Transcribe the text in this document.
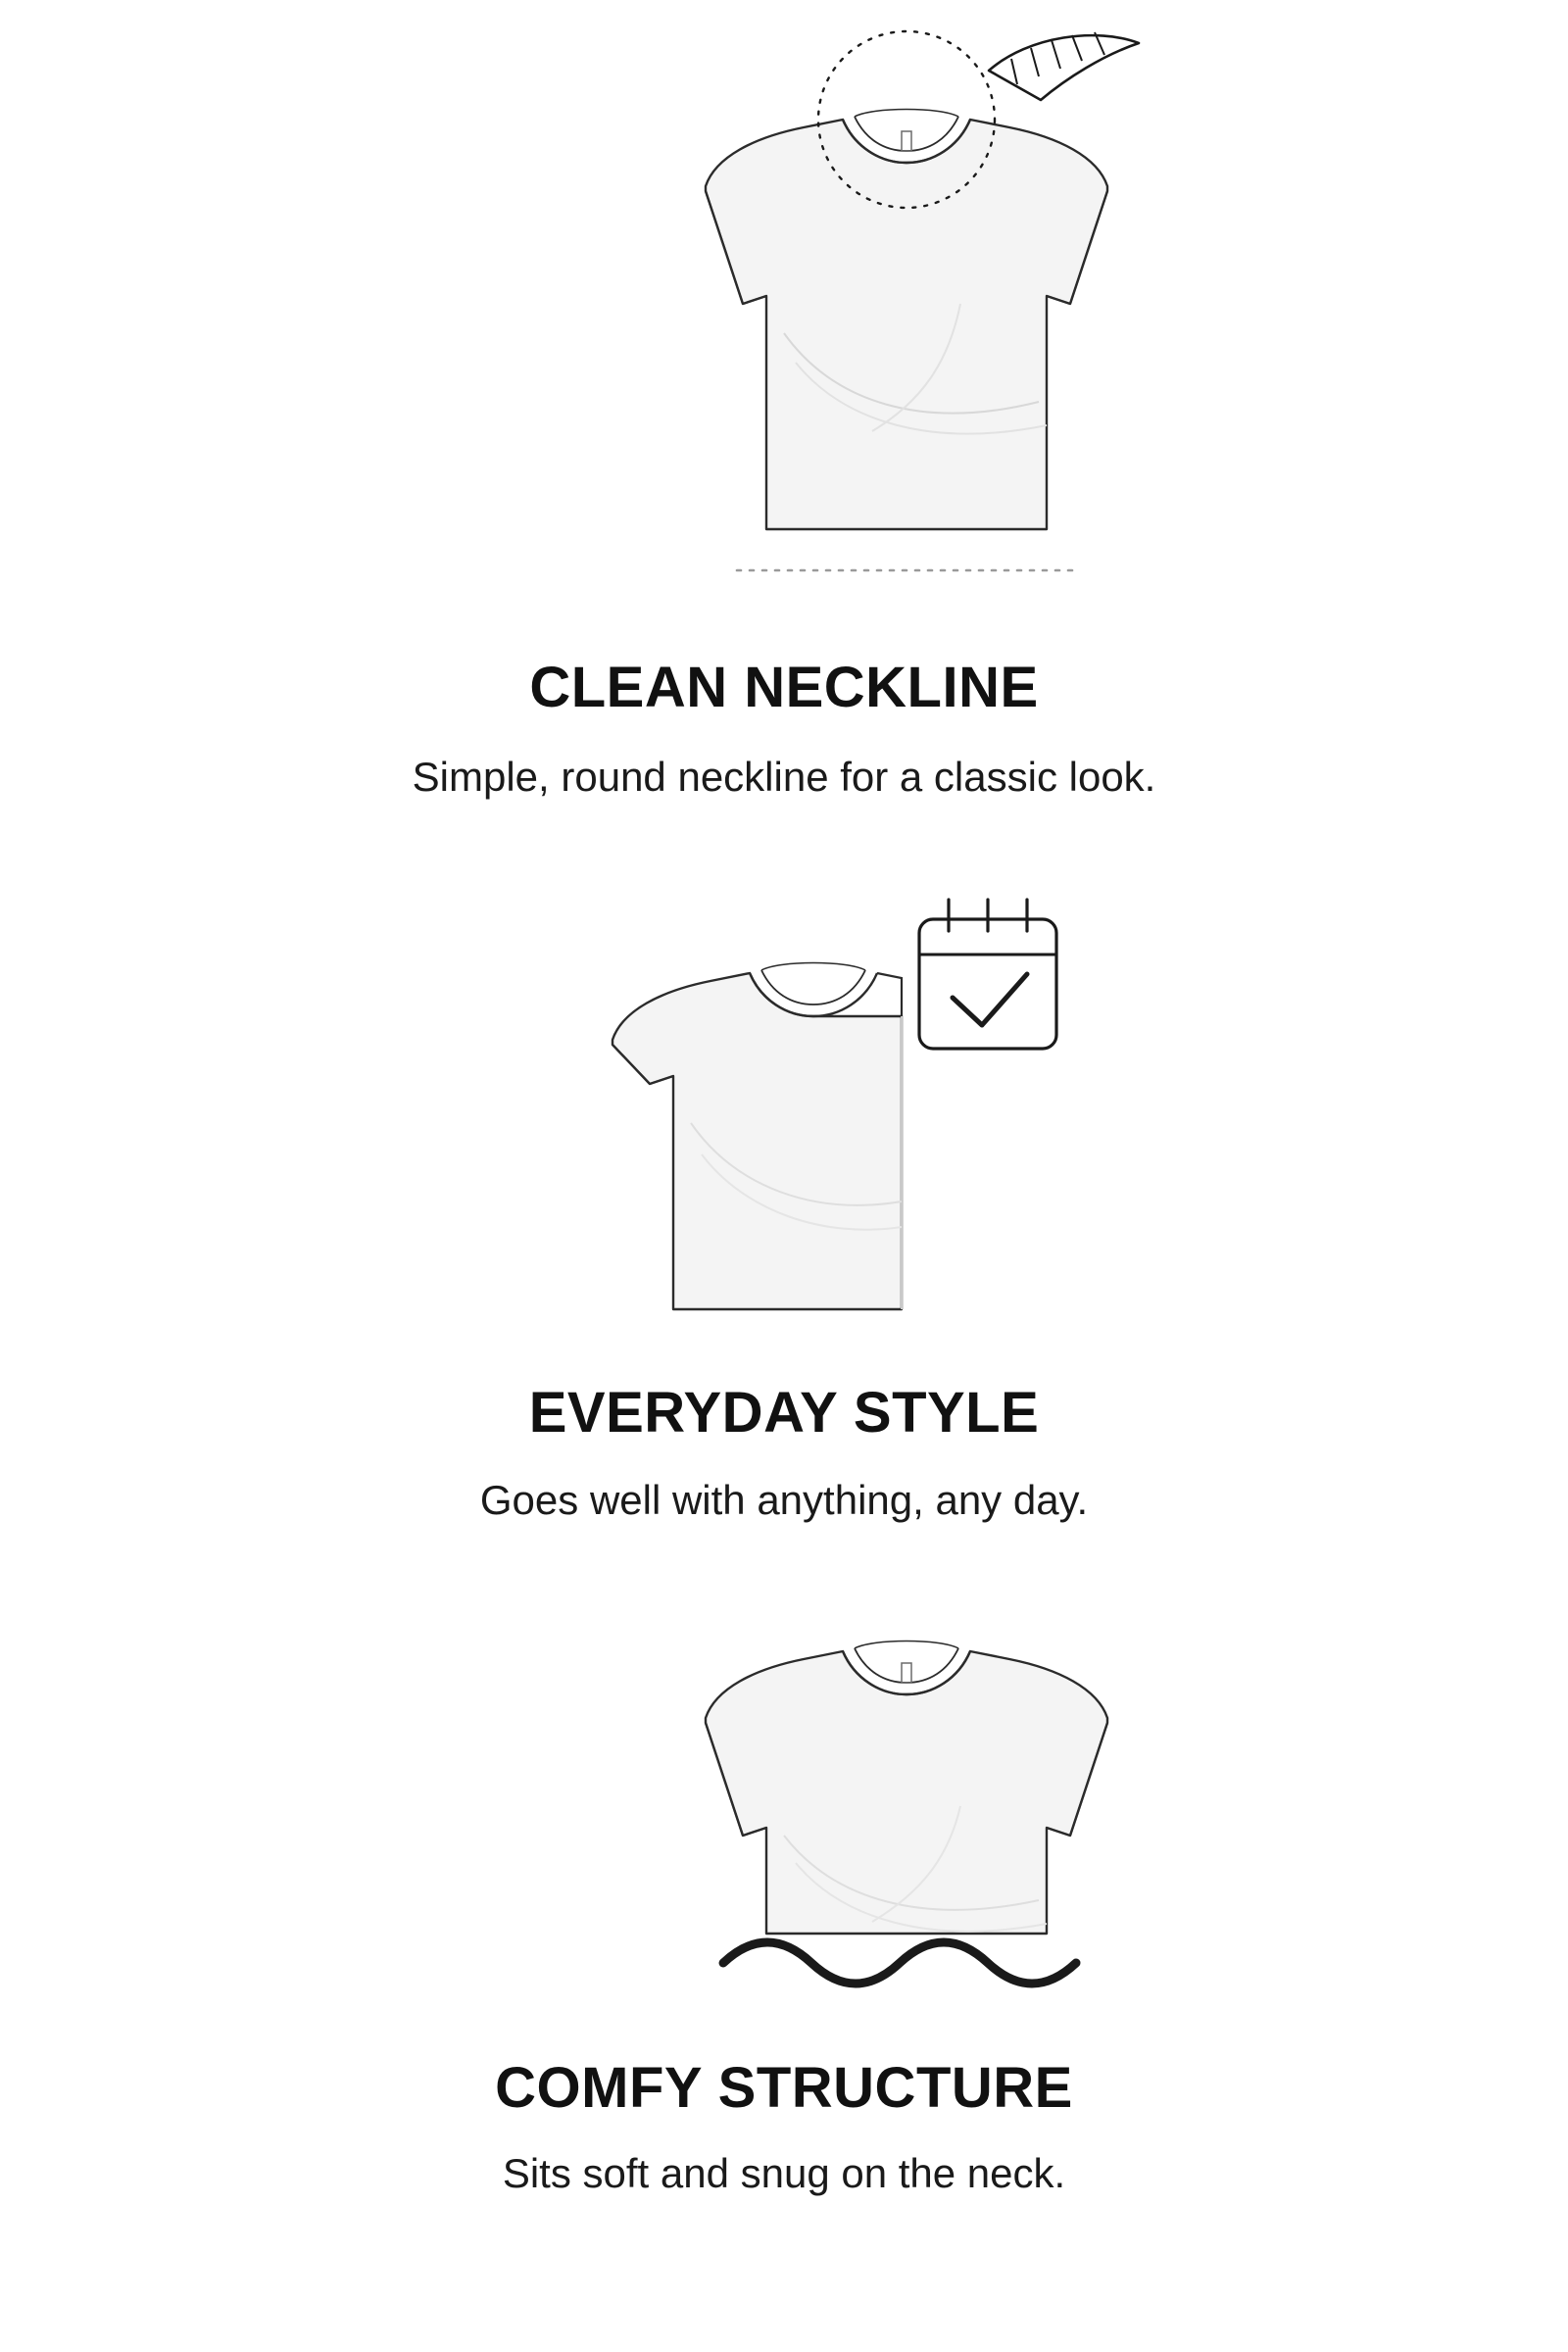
CLEAN NECKLINE

Simple, round neckline for a classic look.

EVERYDAY STYLE

Goes well with anything, any day.

COMFY STRUCTURE

Sits soft and snug on the neck.
